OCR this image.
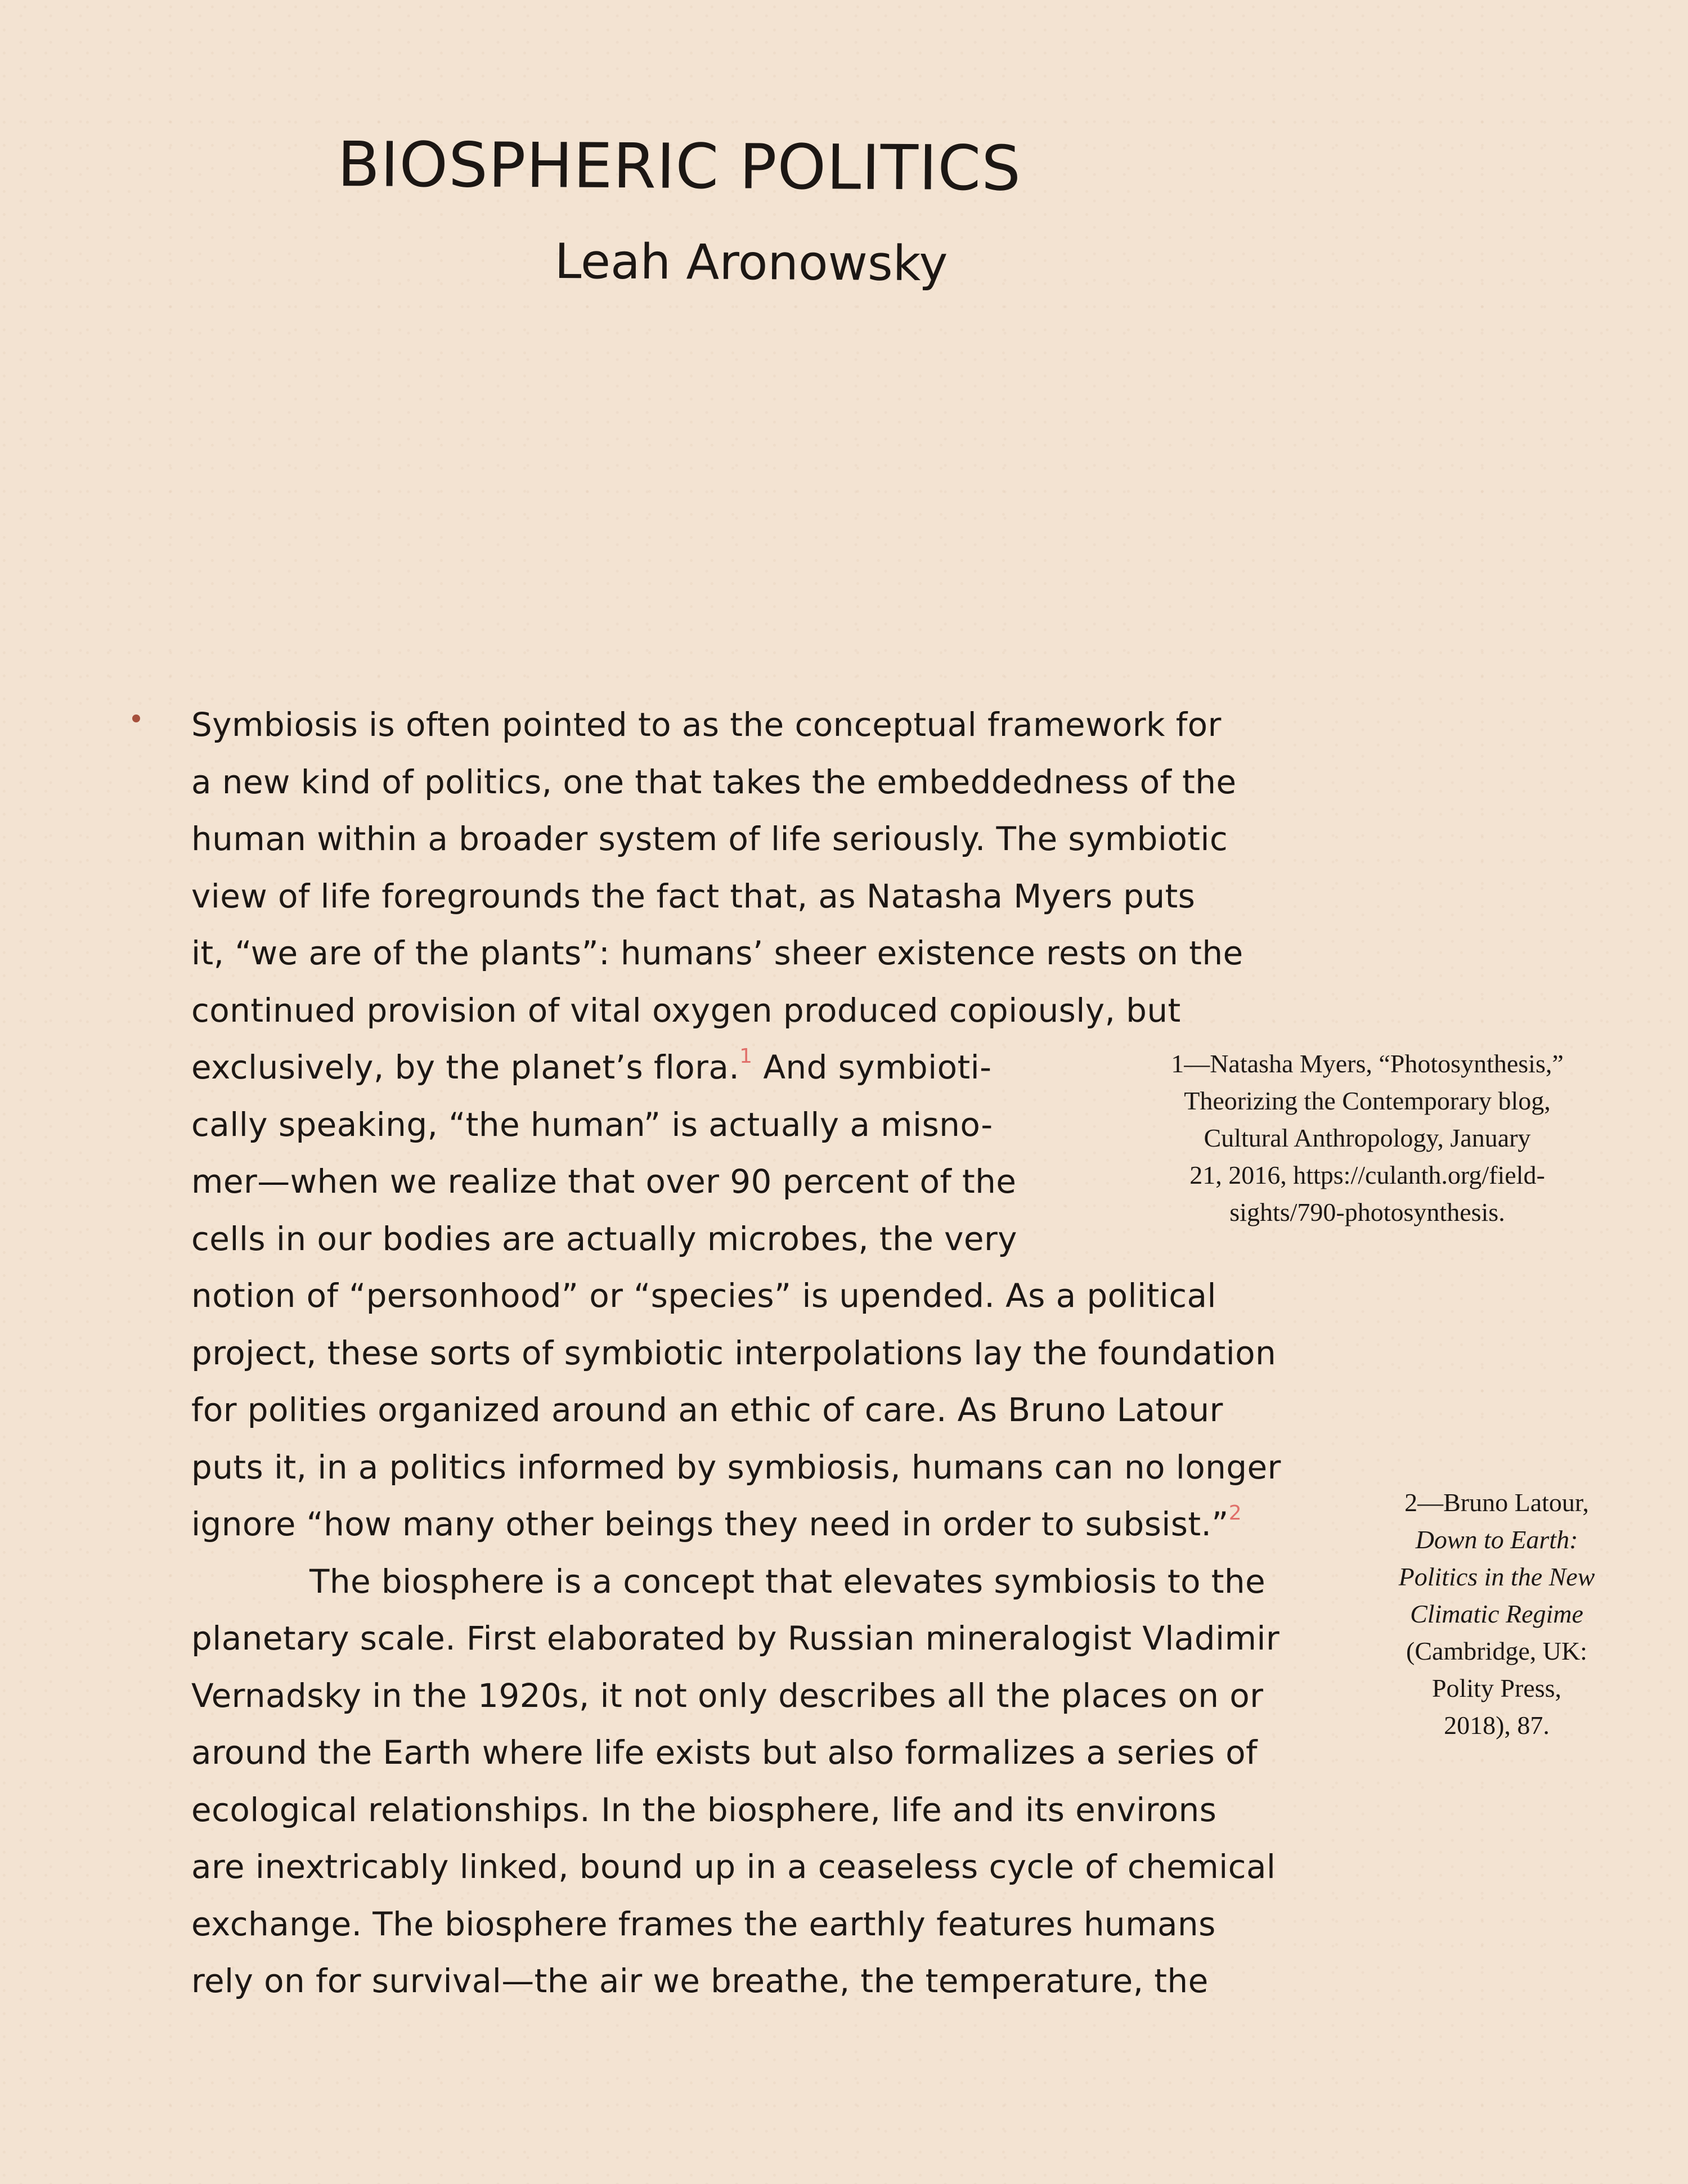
BIOSPHERIC POLITICS
Leah Aronowsky
Symbiosis is often pointed to as the conceptual framework for
a new kind of politics, one that takes the embeddedness of the
human within a broader system of life seriously. The symbiotic
view of life foregrounds the fact that, as Natasha Myers puts
it, “we are of the plants”: humans’ sheer existence rests on the
continued provision of vital oxygen produced copiously, but
exclusively, by the planet’s flora.$^1$ And symbioti-
cally speaking, “the human” is actually a misno-
mer—when we realize that over 90 percent of the
cells in our bodies are actually microbes, the very
notion of “personhood” or “species” is upended. As a political
project, these sorts of symbiotic interpolations lay the foundation
for polities organized around an ethic of care. As Bruno Latour
puts it, in a politics informed by symbiosis, humans can no longer
ignore “how many other beings they need in order to subsist.”$^2$
The biosphere is a concept that elevates symbiosis to the
planetary scale. First elaborated by Russian mineralogist Vladimir
Vernadsky in the 1920s, it not only describes all the places on or
around the Earth where life exists but also formalizes a series of
ecological relationships. In the biosphere, life and its environs
are inextricably linked, bound up in a ceaseless cycle of chemical
exchange. The biosphere frames the earthly features humans
rely on for survival—the air we breathe, the temperature, the
1—Natasha Myers, “Photosynthesis,”
Theorizing the Contemporary blog,
Cultural Anthropology, January
21, 2016, https://culanth.org/field-
sights/790-photosynthesis.
2—Bruno Latour,
Down to Earth:
Politics in the New
Climatic Regime
(Cambridge, UK:
Polity Press,
2018), 87.
